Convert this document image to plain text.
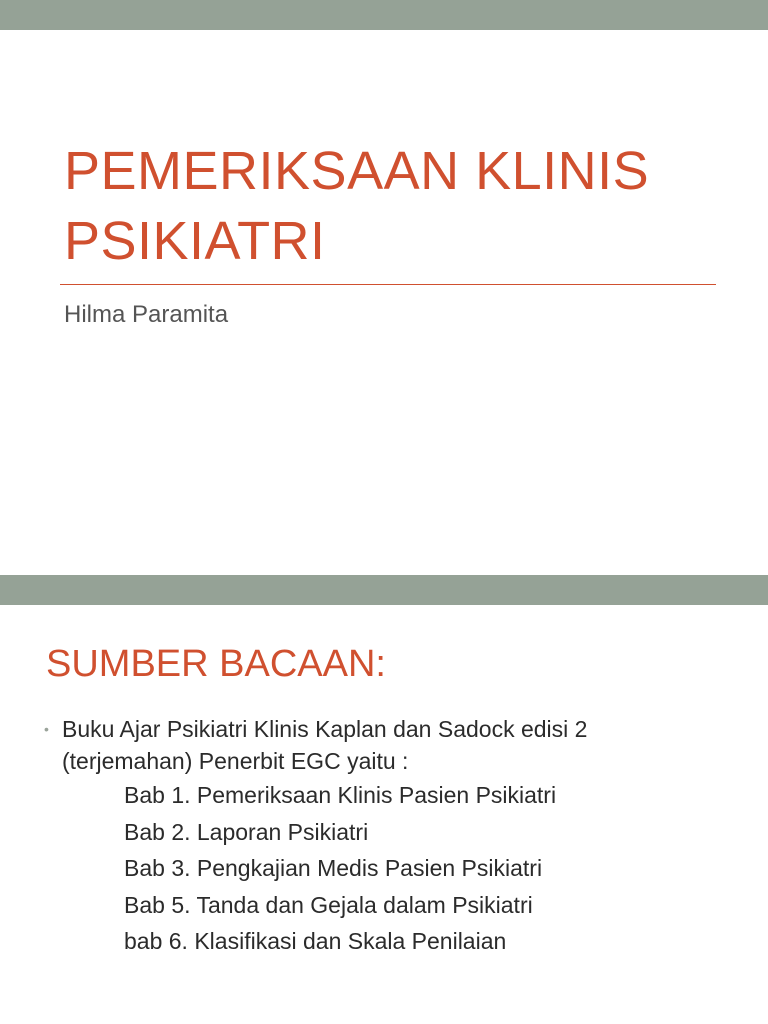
PEMERIKSAAN KLINIS
PSIKIATRI
Hilma Paramita
SUMBER BACAAN:
• Buku Ajar Psikiatri Klinis Kaplan dan Sadock edisi 2
(terjemahan) Penerbit EGC yaitu :
Bab 1. Pemeriksaan Klinis Pasien Psikiatri
Bab 2. Laporan Psikiatri
Bab 3. Pengkajian Medis Pasien Psikiatri
Bab 5. Tanda dan Gejala dalam Psikiatri
bab 6. Klasifikasi dan Skala Penilaian
